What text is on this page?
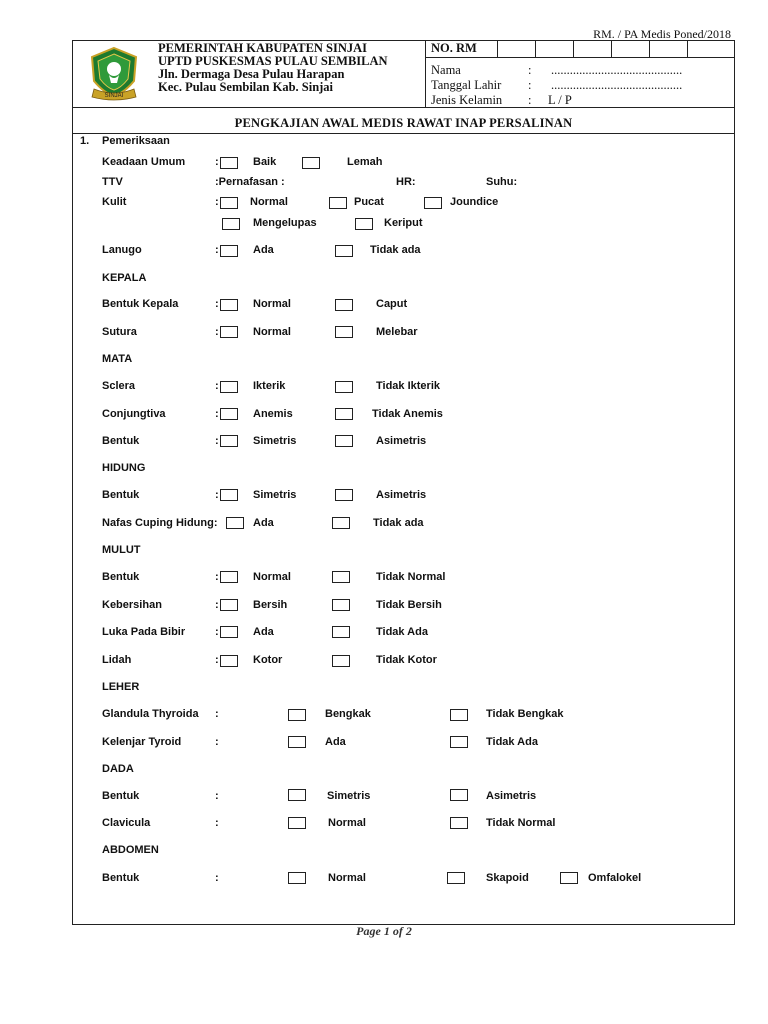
RM. / PA Medis Poned/2018
SINJAI
PEMERINTAH KABUPATEN SINJAI
UPTD PUSKESMAS PULAU SEMBILAN
Jln. Dermaga Desa Pulau Harapan
Kec. Pulau Sembilan Kab. Sinjai
NO. RM
Nama	: ..........................................
Tanggal Lahir : ..........................................
Jenis Kelamin : L / P
PENGKAJIAN AWAL MEDIS RAWAT INAP PERSALINAN
1. Pemeriksaan
Keadaan Umum	:	Baik	Lemah
TTV	:Pernafasan :	HR:	Suhu:
Kulit	:	Normal	Pucat	Joundice
Mengelupas	Keriput
Lanugo	:	Ada	Tidak ada
KEPALA
Bentuk Kepala	:	Normal	Caput
Sutura	:	Normal	Melebar
MATA
Sclera	:	Ikterik	Tidak Ikterik
Conjungtiva	:	Anemis	Tidak Anemis
Bentuk	:	Simetris	Asimetris
HIDUNG
Bentuk	:	Simetris	Asimetris
Nafas Cuping Hidung:	Ada	Tidak ada
MULUT
Bentuk	:	Normal	Tidak Normal
Kebersihan	:	Bersih	Tidak Bersih
Luka Pada Bibir	:	Ada	Tidak Ada
Lidah	:	Kotor	Tidak Kotor
LEHER
Glandula Thyroida :	Bengkak	Tidak Bengkak
Kelenjar Tyroid	:	Ada	Tidak Ada
DADA
Bentuk	:	Simetris	Asimetris
Clavicula	:	Normal	Tidak Normal
ABDOMEN
Bentuk	:	Normal	Skapoid	Omfalokel
Page 1 of 2
